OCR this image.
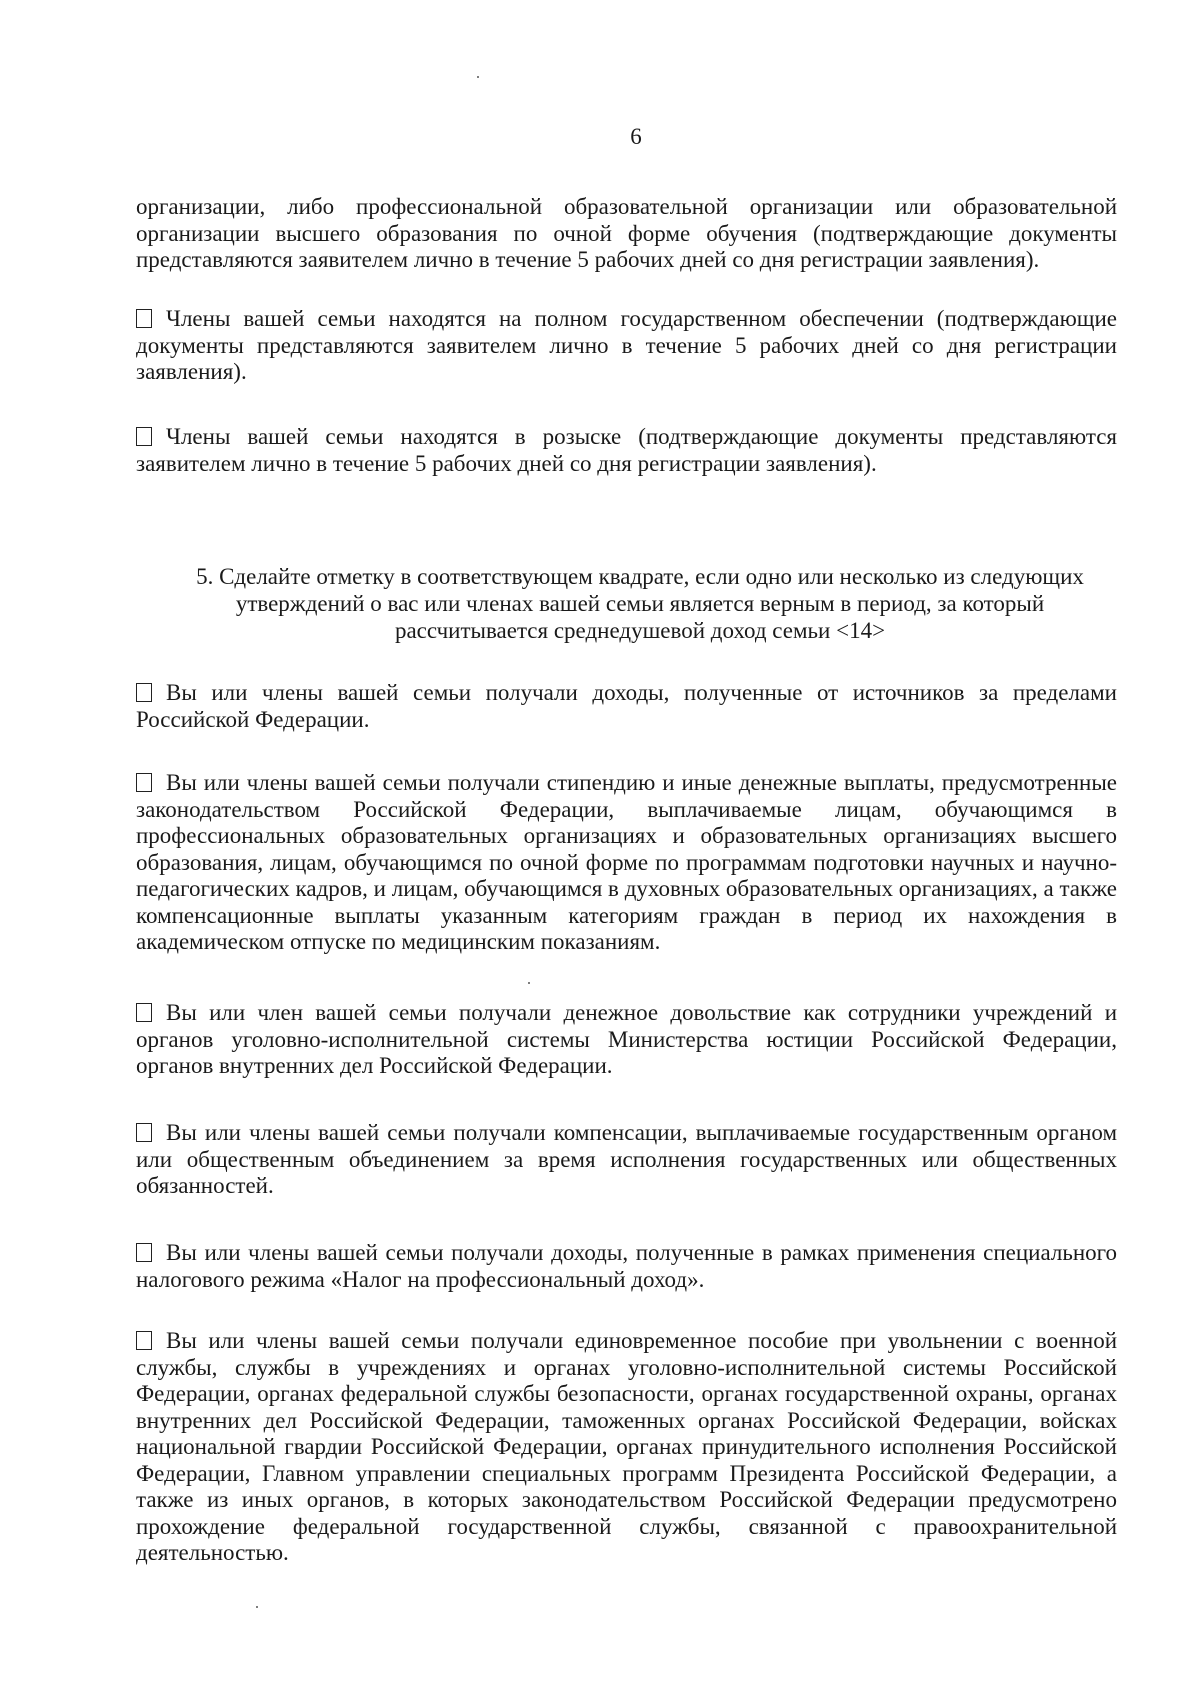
6

организации, либо профессиональной образовательной организации или образовательной организации высшего образования по очной форме обучения (подтверждающие документы представляются заявителем лично в течение 5 рабочих дней со дня регистрации заявления).

Члены вашей семьи находятся на полном государственном обеспечении (подтверждающие документы представляются заявителем лично в течение 5 рабочих дней со дня регистрации заявления).

Члены вашей семьи находятся в розыске (подтверждающие документы представляются заявителем лично в течение 5 рабочих дней со дня регистрации заявления).

5. Сделайте отметку в соответствующем квадрате, если одно или несколько из следующих
утверждений о вас или членах вашей семьи является верным в период, за который
рассчитывается среднедушевой доход семьи <14>

Вы или члены вашей семьи получали доходы, полученные от источников за пределами Российской Федерации.

Вы или члены вашей семьи получали стипендию и иные денежные выплаты, предусмотренные законодательством Российской Федерации, выплачиваемые лицам, обучающимся в профессиональных образовательных организациях и образовательных организациях высшего образования, лицам, обучающимся по очной форме по программам подготовки научных и научно-педагогических кадров, и лицам, обучающимся в духовных образовательных организациях, а также компенсационные выплаты указанным категориям граждан в период их нахождения в академическом отпуске по медицинским показаниям.

Вы или член вашей семьи получали денежное довольствие как сотрудники учреждений и органов уголовно-исполнительной системы Министерства юстиции Российской Федерации, органов внутренних дел Российской Федерации.

Вы или члены вашей семьи получали компенсации, выплачиваемые государственным органом или общественным объединением за время исполнения государственных или общественных обязанностей.

Вы или члены вашей семьи получали доходы, полученные в рамках применения специального налогового режима «Налог на профессиональный доход».

Вы или члены вашей семьи получали единовременное пособие при увольнении с военной службы, службы в учреждениях и органах уголовно-исполнительной системы Российской Федерации, органах федеральной службы безопасности, органах государственной охраны, органах внутренних дел Российской Федерации, таможенных органах Российской Федерации, войсках национальной гвардии Российской Федерации, органах принудительного исполнения Российской Федерации, Главном управлении специальных программ Президента Российской Федерации, а также из иных органов, в которых законодательством Российской Федерации предусмотрено прохождение федеральной государственной службы, связанной с правоохранительной деятельностью.
